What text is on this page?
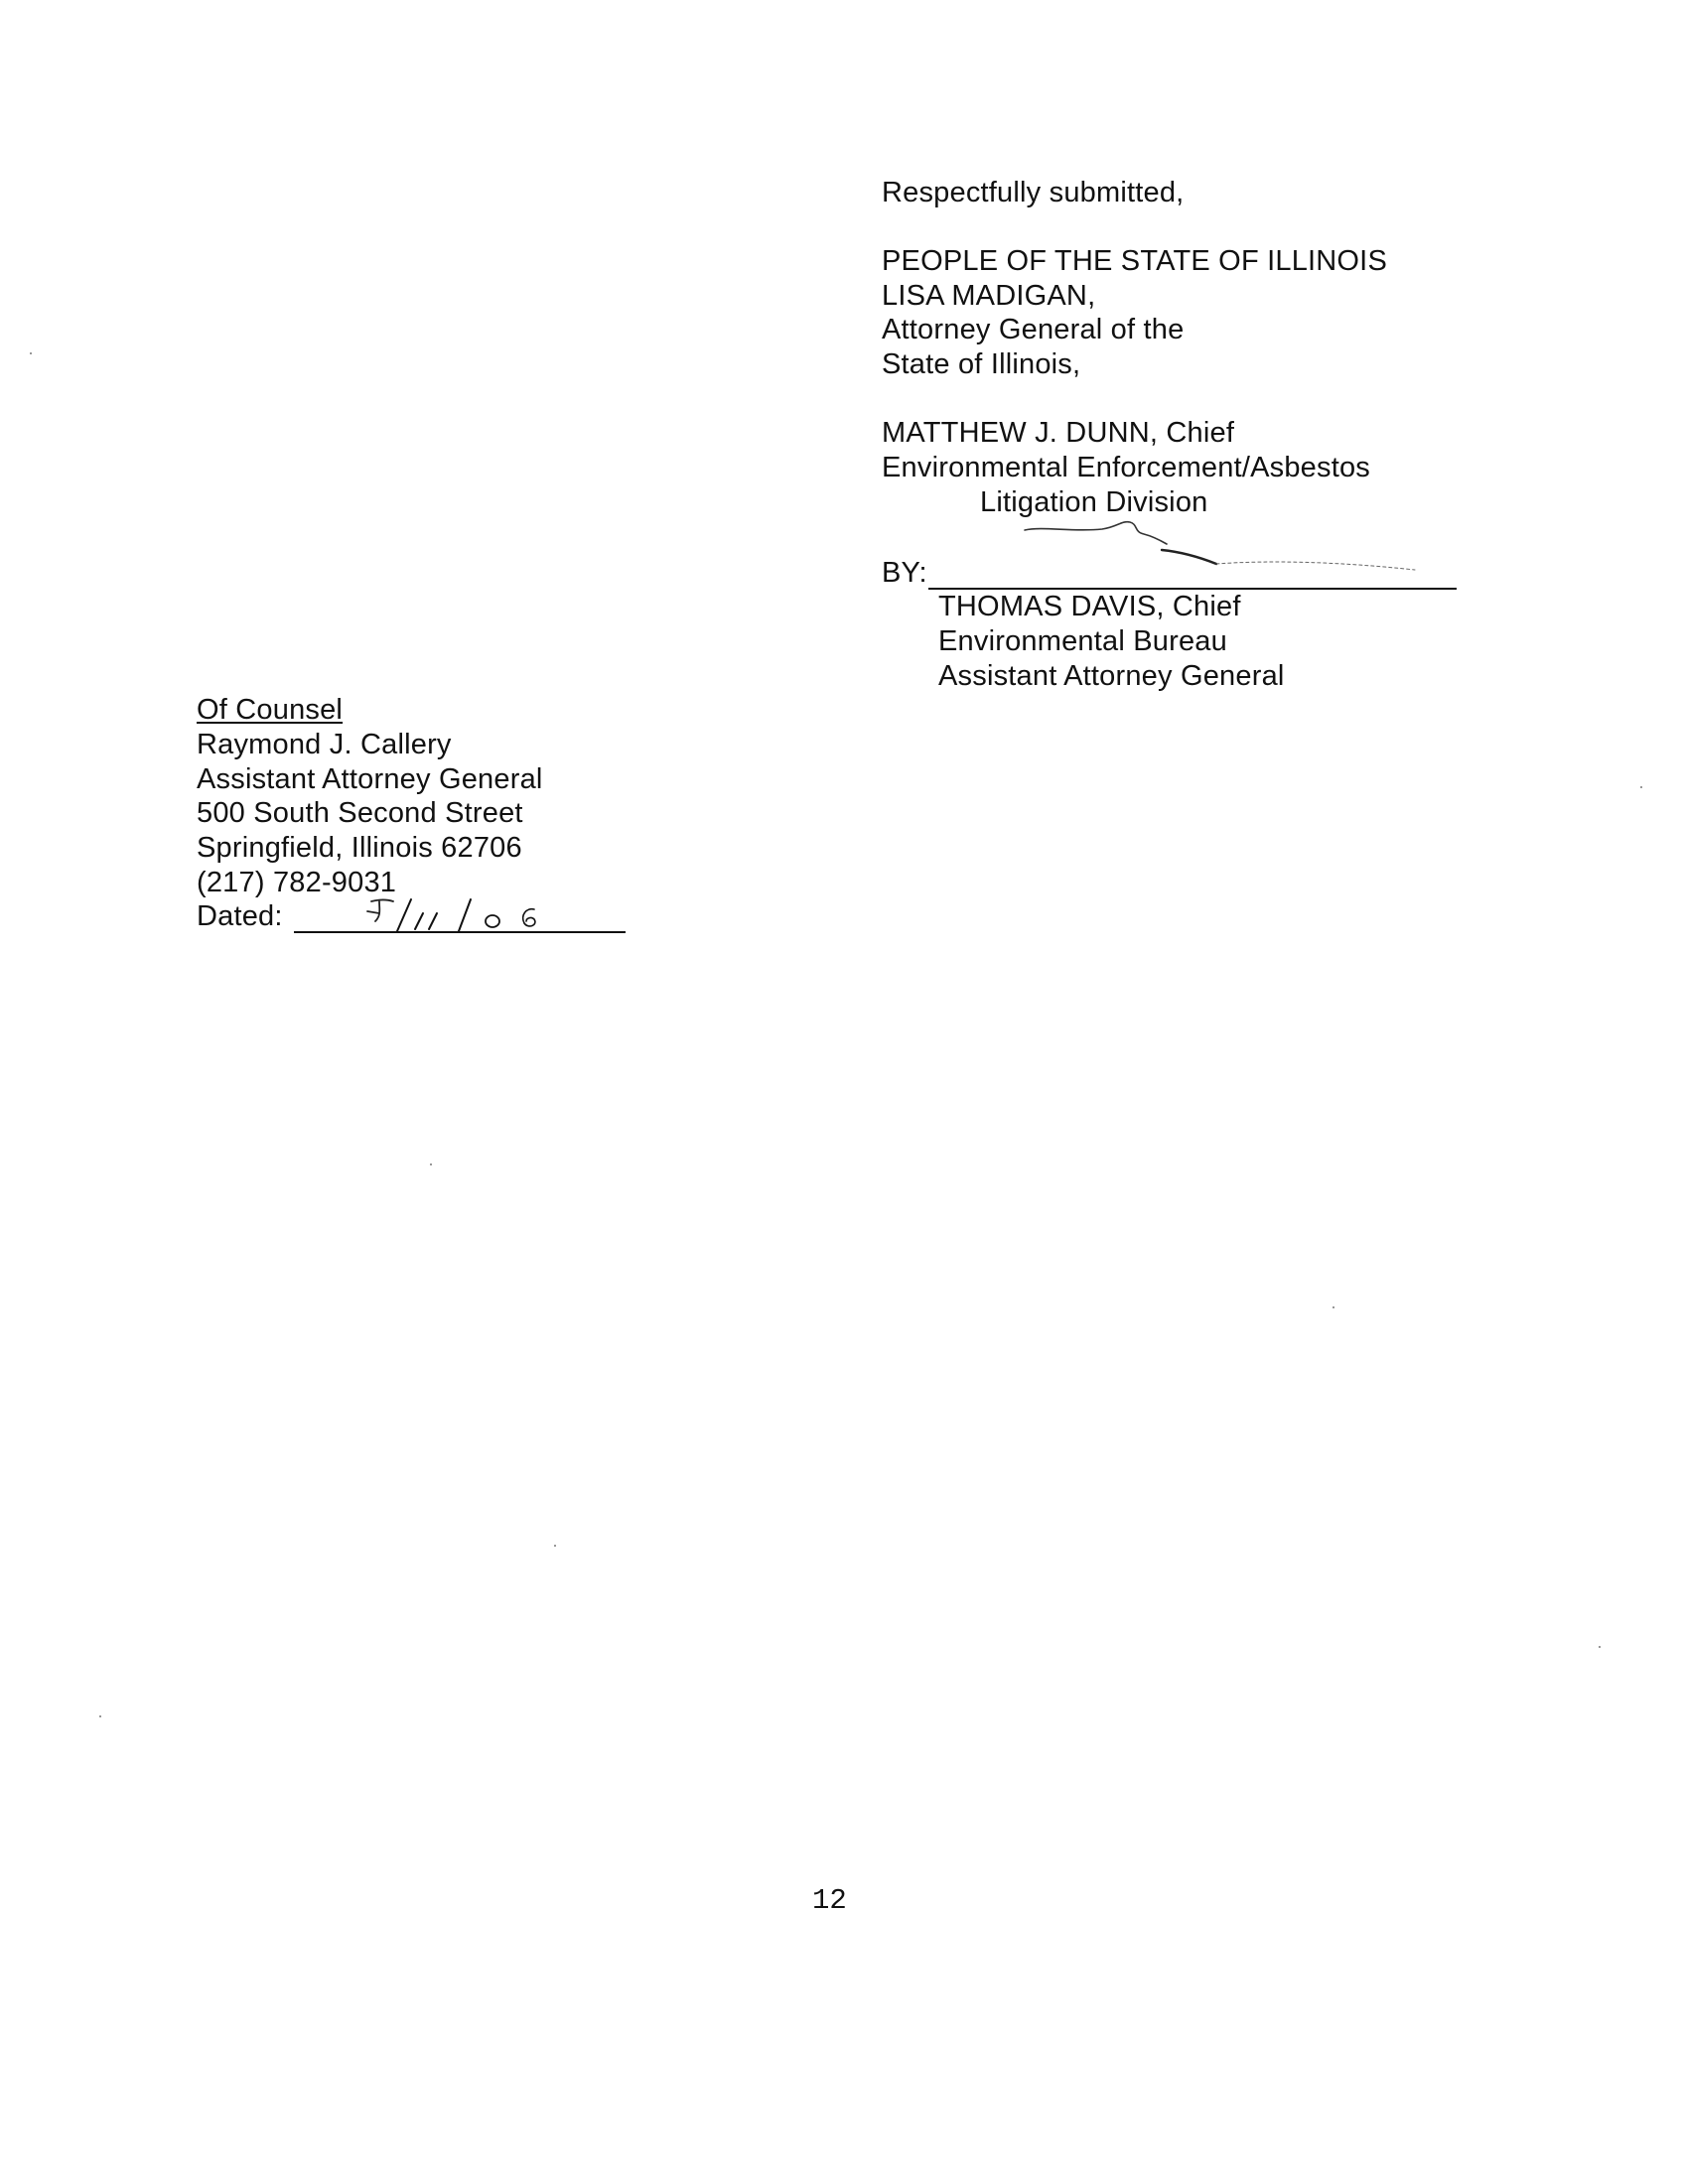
Respectfully submitted,
PEOPLE OF THE STATE OF ILLINOIS
LISA MADIGAN,
Attorney General of the
State of Illinois,
MATTHEW J. DUNN, Chief
Environmental Enforcement/Asbestos
Litigation Division
BY:
THOMAS DAVIS, Chief
Environmental Bureau
Assistant Attorney General
Of Counsel
Raymond J. Callery
Assistant Attorney General
500 South Second Street
Springfield, Illinois 62706
(217) 782-9031
Dated:
12
